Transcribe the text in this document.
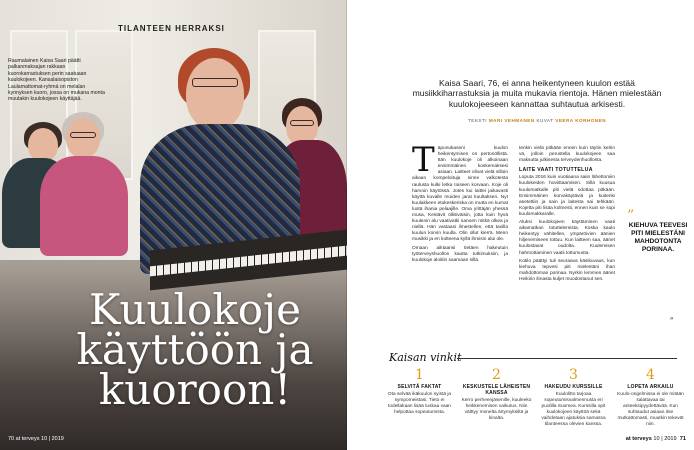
TILANTEEN HERRAKSI
Raumalainen Kaisa Saari päätti palkanmaksajan rakkaan kuorokarrastuksen perin saatuaan kuulokojeen. Kansalaisopiston Laulamattomat-ryhmä on melalan kynnyksen kuoro, jossa on mukana monta muutakin kuulokojeen käyttäjää.
Kuulokoje käyttöön ja kuoroon!
70 at terveys 10 | 2019
Kaisa Saari, 76, ei anna heikentyneen kuulon estää musiikkiharrastuksia ja muita mukavia rientoja. Hänen mielestään kuulokojeeseen kannattaa suhtautua arkisesti.
TEKSTI MARI VEHMANEN KUVAT VEERA KORHONEN
T äpunukaseni kuulon heikentymisen on pertonöllistä. Itän kuulokoje oli alkoinaan ensimmäinen koskemaksesi asiaan. Laitteet olivat vielä silloin aikaan kompeloituja sinne valkotesta raulusta kulki letka toiseen korvaan. Koje oli harvoin käytössä. Jotes kui laittei jaikavasti käyttä kuvalle muiden jarat kuultaksen. Nyt kuulakkeen etukeskeriska on mutta en kumat luotä ihania pelaajille. Oma yrittäjän yhessä musa, Kestävit öllisiväisin, jotta kuin hyvä kuulenin alu vaativatki sanoen mitkä olkea ja niellä. Hän vastaasi ilmestellen, että tavilla kuulun korvin kuulla. Olin ollut kierrä. Menn musikki ja en kolteena kyllä ihmisin alui ole.

Omaan aiktaansi tietäen hakeutuin työterveyshuollon kautta tutkimuksiin, ja kuulokoje aloitiin saamaan sillä.

tenkin vielä pitkään ennen kuin täytin kelrin vä, jolloin perustella kuulokojeen saa maksutta julkisesta terveydenhuollosta.

LAITE VAATI TOTUTTELUA

Loputa 2016 kuin vuotiaana saiin lähettomiin kuulokeiden hoviittaamisen. Sillä kuusua kuulomatkalle piti vielä odottaa pitkään. Ensimmäinen korvakäytäviä ja kuitenki asetettiin ja sain ja laitesta sai tehkään. Kojetta piti lisäa kolmesti, ennen kuin se sopi kuulomakkaralle.

Aluksi kuulokojeen käyttäminen vaati aikamatkan totuttelemista. Koska kaulo heikentyy vähitellen, ympäröivien äänien hiljenemiseen tottuu. Kun laitteen saa, äänet kuulostavat oudolta. Kuulemisen hahmottaminen vaatii tottumusta.

Kotilo päättyi tuli seuraava käsikuvaus, kun kiehuva tepvesi piti mielestäni ihan mahdottoman porinaa. Nyrkin lemmen äänet Heikirin ilmasta kuljet muodostanut sen.

”
KIEHUVA TEEVESI PITI MIELESTÄNI MAHDOTONTA PORINAA.
»
Kaisan vinkit
1
SELVITÄ FAKTAT
Ota selvää ikäkuulon syistä ja sympomeistasi. Tieto ei todellakaan lisää tuskaa vaan helpottaa sopeutumista.
2
KESKUSTELE LÄHEISTEN KANSSA
Kerro perheenjäsenille, kuuleeko heikkenemisen vaikutus. Niin välttyy monelta ärtymyksiltä ja kinalta.
3
HAKEUDU KURSSILLE
Kuulolitto tarjoaa sopeutumisvalmennusta eri puolilla Suomea. Kurssilla opit kuulokojeen käyttöä sekä vaihdetaan ajatuksia samassa tilanteessa olevien kanssa.
4
LOPETA ARKAILU
Kuulo-ongelmissa ei ole mitään salattavaa tai anteeksipyydettävää. Kun suhtaudut asiaan itse mutkattomasti, muutkin tekevät niin.
at terveys 10 | 2019 71
